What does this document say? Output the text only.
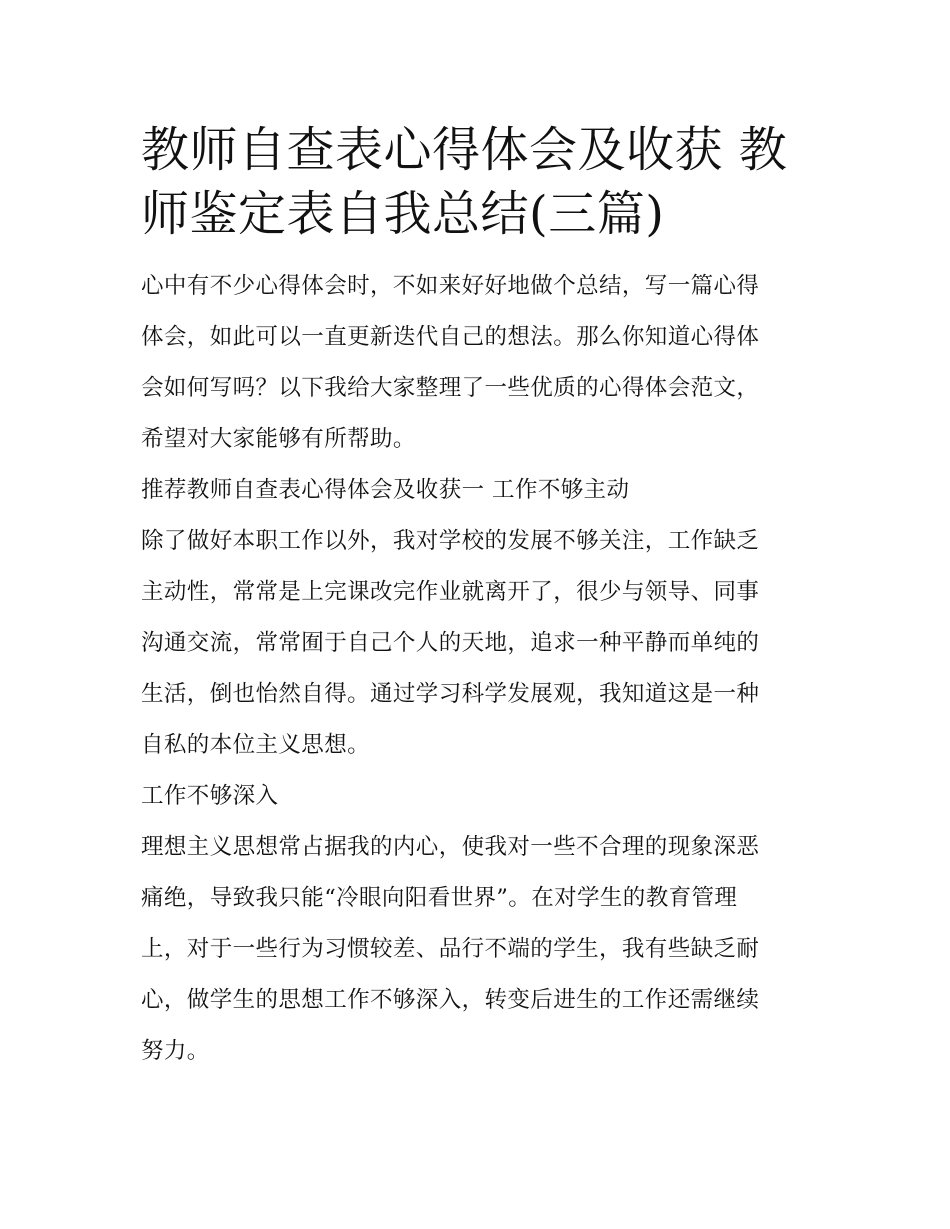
教师自查表心得体会及收获 教
师鉴定表自我总结(三篇)

心中有不少心得体会时，不如来好好地做个总结，写一篇心得
体会，如此可以一直更新迭代自己的想法。那么你知道心得体
会如何写吗？以下我给大家整理了一些优质的心得体会范文，
希望对大家能够有所帮助。

推荐教师自查表心得体会及收获一 工作不够主动

除了做好本职工作以外，我对学校的发展不够关注，工作缺乏
主动性，常常是上完课改完作业就离开了，很少与领导、同事
沟通交流，常常囿于自己个人的天地，追求一种平静而单纯的
生活，倒也怡然自得。通过学习科学发展观，我知道这是一种
自私的本位主义思想。

工作不够深入

理想主义思想常占据我的内心，使我对一些不合理的现象深恶
痛绝，导致我只能“冷眼向阳看世界”。在对学生的教育管理
上，对于一些行为习惯较差、品行不端的学生，我有些缺乏耐
心，做学生的思想工作不够深入，转变后进生的工作还需继续
努力。
